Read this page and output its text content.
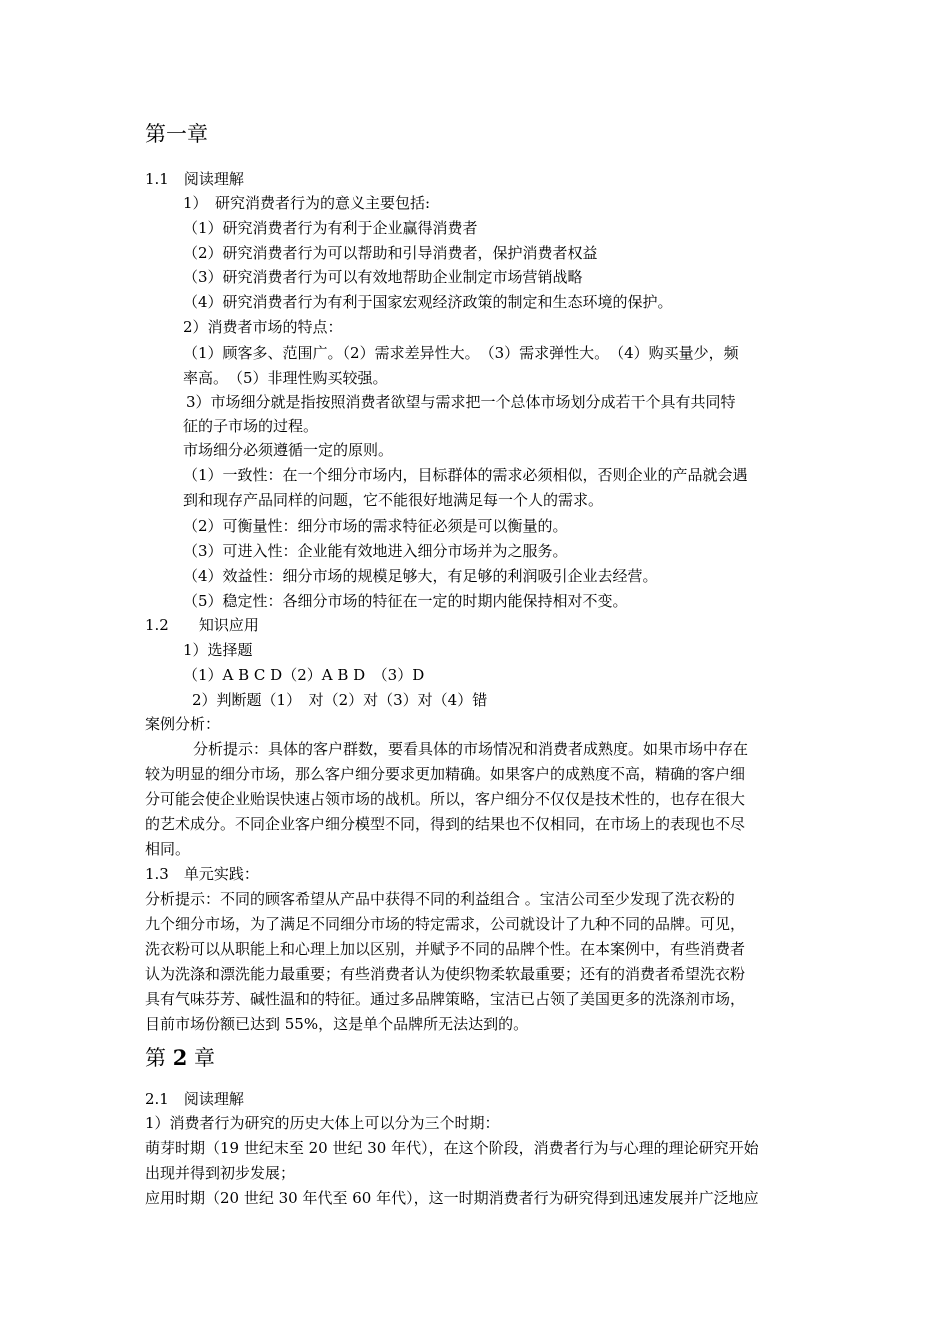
第一章
1.1　阅读理解
1）　研究消费者行为的意义主要包括:
（1）研究消费者行为有利于企业赢得消费者
（2）研究消费者行为可以帮助和引导消费者，保护消费者权益
（3）研究消费者行为可以有效地帮助企业制定市场营销战略
（4）研究消费者行为有利于国家宏观经济政策的制定和生态环境的保护。
2）消费者市场的特点：
（1）顾客多、范围广。（2）需求差异性大。　（3）需求弹性大。　（4）购买量少，频
率高。　（5）非理性购买较强。
3）市场细分就是指按照消费者欲望与需求把一个总体市场划分成若干个具有共同特
征的子市场的过程。
市场细分必须遵循一定的原则。
（1）一致性：在一个细分市场内，目标群体的需求必须相似，否则企业的产品就会遇
到和现存产品同样的问题，它不能很好地满足每一个人的需求。
（2）可衡量性：细分市场的需求特征必须是可以衡量的。
（3）可进入性：企业能有效地进入细分市场并为之服务。
（4）效益性：细分市场的规模足够大，有足够的利润吸引企业去经营。
（5）稳定性：各细分市场的特征在一定的时期内能保持相对不变。
1.2　　知识应用
1）选择题
（1）A B C D（2）A B D　（3）D
2）判断题（1）　对（2）对（3）对（4）错
案例分析：
分析提示：具体的客户群数，要看具体的市场情况和消费者成熟度。如果市场中存在
较为明显的细分市场，那么客户细分要求更加精确。如果客户的成熟度不高，精确的客户细
分可能会使企业贻误快速占领市场的战机。所以，客户细分不仅仅是技术性的，也存在很大
的艺术成分。不同企业客户细分模型不同，得到的结果也不仅相同，在市场上的表现也不尽
相同。
1.3　单元实践：
分析提示：不同的顾客希望从产品中获得不同的利益组合 。宝洁公司至少发现了洗衣粉的
九个细分市场，为了满足不同细分市场的特定需求，公司就设计了九种不同的品牌。可见，
洗衣粉可以从职能上和心理上加以区别，并赋予不同的品牌个性。在本案例中，有些消费者
认为洗涤和漂洗能力最重要；有些消费者认为使织物柔软最重要；还有的消费者希望洗衣粉
具有气味芬芳、碱性温和的特征。通过多品牌策略，宝洁已占领了美国更多的洗涤剂市场，
目前市场份额已达到 55%，这是单个品牌所无法达到的。
第 2 章
2.1　阅读理解
1）消费者行为研究的历史大体上可以分为三个时期：
萌芽时期（19 世纪末至 20 世纪 30 年代），在这个阶段，消费者行为与心理的理论研究开始
出现并得到初步发展；
应用时期（20 世纪 30 年代至 60 年代），这一时期消费者行为研究得到迅速发展并广泛地应
